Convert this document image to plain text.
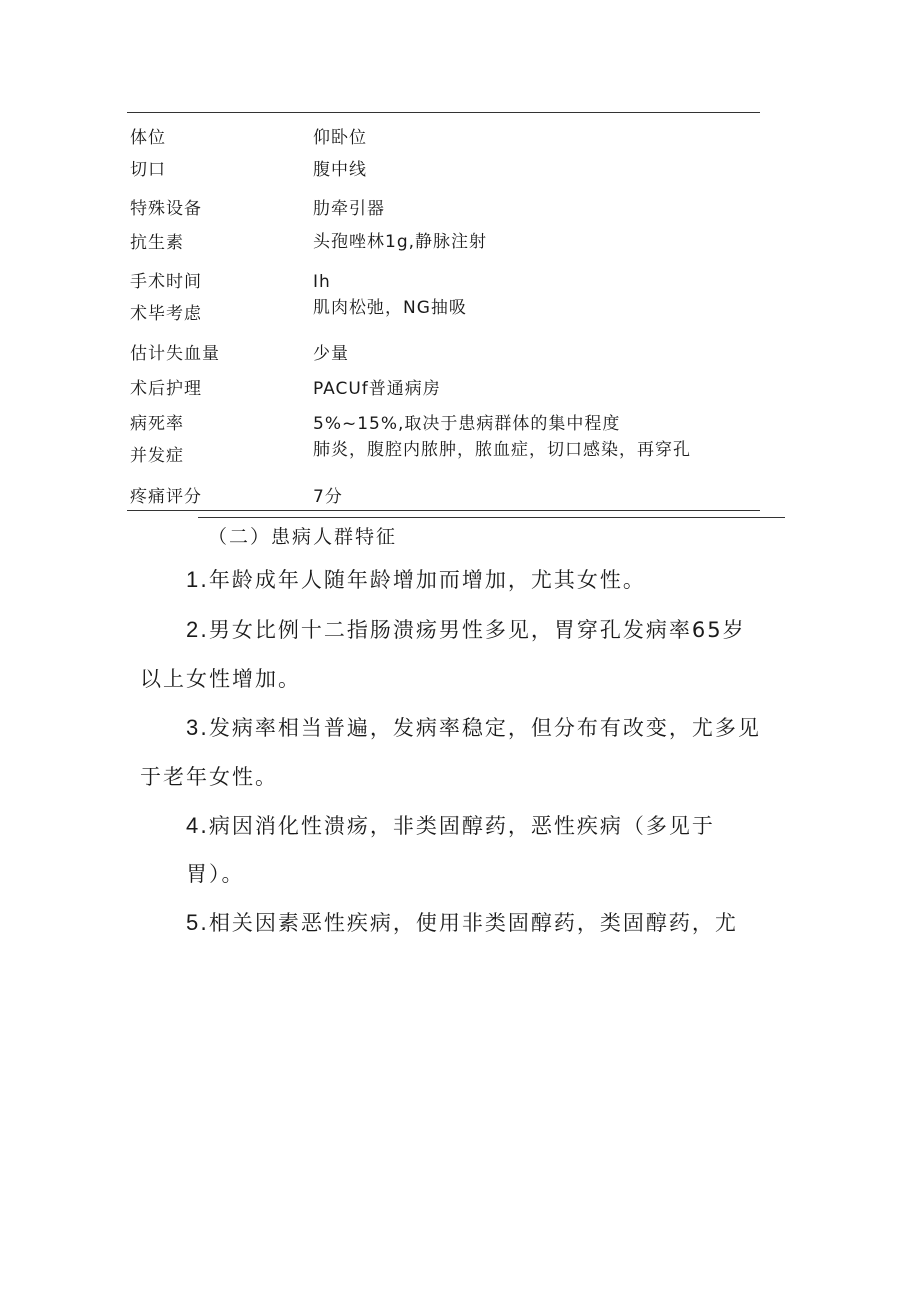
体位	仰卧位
切口	腹中线
特殊设备	肋牵引器
抗生素	头孢唑林1g,静脉注射
手术时间	Ih
术毕考虑	肌肉松弛，NG抽吸
估计失血量	少量
术后护理	PACUf普通病房
病死率	5%~15%,取决于患病群体的集中程度
并发症	肺炎，腹腔内脓肿，脓血症，切口感染，再穿孔
疼痛评分	7分
（二）患病人群特征
1.年龄成年人随年龄增加而增加，尤其女性。
2.男女比例十二指肠溃疡男性多见，胃穿孔发病率65岁
以上女性增加。
3.发病率相当普遍，发病率稳定，但分布有改变，尤多见
于老年女性。
4.病因消化性溃疡，非类固醇药，恶性疾病（多见于
胃）。
5.相关因素恶性疾病，使用非类固醇药，类固醇药，尤
